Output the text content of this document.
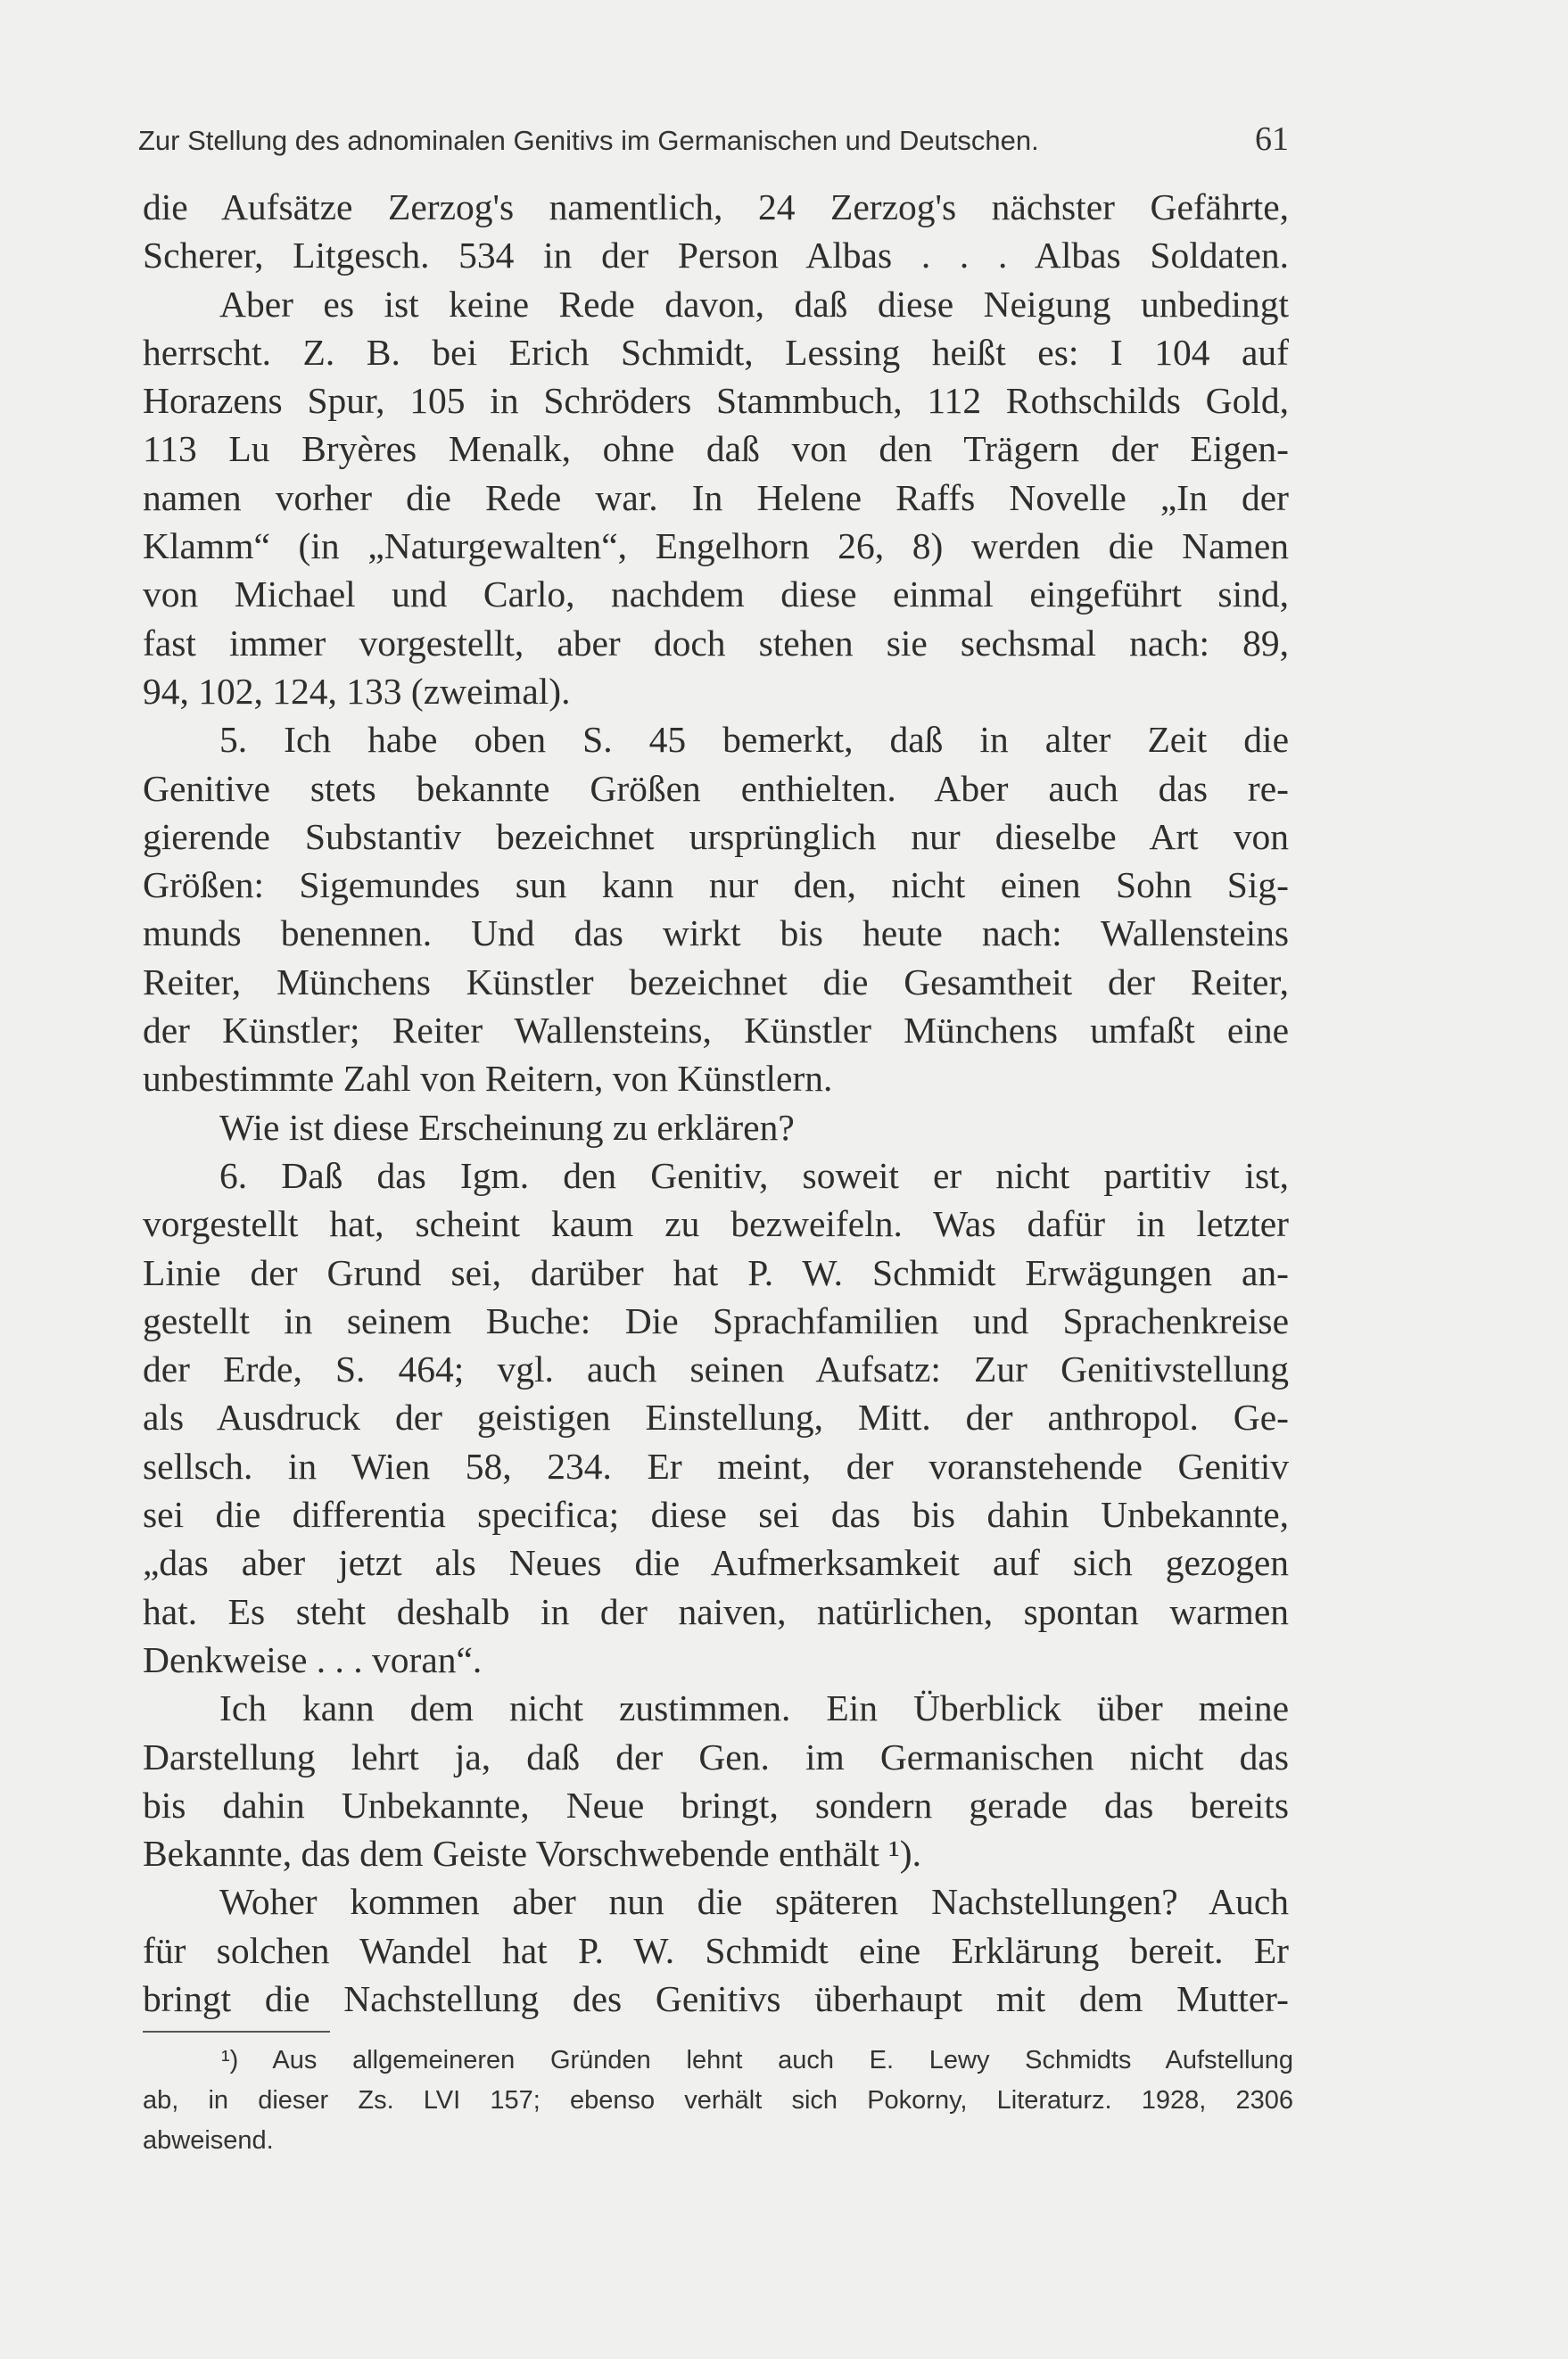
Zur Stellung des adnominalen Genitivs im Germanischen und Deutschen.	61
die Aufsätze Zerzog's namentlich, 24 Zerzog's nächster Gefährte,
Scherer, Litgesch. 534 in der Person Albas . . . Albas Soldaten.
Aber es ist keine Rede davon, daß diese Neigung unbedingt
herrscht. Z. B. bei Erich Schmidt, Lessing heißt es: I 104 auf
Horazens Spur, 105 in Schröders Stammbuch, 112 Rothschilds Gold,
113 Lu Bryères Menalk, ohne daß von den Trägern der Eigen-
namen vorher die Rede war. In Helene Raffs Novelle „In der
Klamm“ (in „Naturgewalten“, Engelhorn 26, 8) werden die Namen
von Michael und Carlo, nachdem diese einmal eingeführt sind,
fast immer vorgestellt, aber doch stehen sie sechsmal nach: 89,
94, 102, 124, 133 (zweimal).
5. Ich habe oben S. 45 bemerkt, daß in alter Zeit die
Genitive stets bekannte Größen enthielten. Aber auch das re-
gierende Substantiv bezeichnet ursprünglich nur dieselbe Art von
Größen: Sigemundes sun kann nur den, nicht einen Sohn Sig-
munds benennen. Und das wirkt bis heute nach: Wallensteins
Reiter, Münchens Künstler bezeichnet die Gesamtheit der Reiter,
der Künstler; Reiter Wallensteins, Künstler Münchens umfaßt eine
unbestimmte Zahl von Reitern, von Künstlern.
Wie ist diese Erscheinung zu erklären?
6. Daß das Igm. den Genitiv, soweit er nicht partitiv ist,
vorgestellt hat, scheint kaum zu bezweifeln. Was dafür in letzter
Linie der Grund sei, darüber hat P. W. Schmidt Erwägungen an-
gestellt in seinem Buche: Die Sprachfamilien und Sprachenkreise
der Erde, S. 464; vgl. auch seinen Aufsatz: Zur Genitivstellung
als Ausdruck der geistigen Einstellung, Mitt. der anthropol. Ge-
sellsch. in Wien 58, 234. Er meint, der voranstehende Genitiv
sei die differentia specifica; diese sei das bis dahin Unbekannte,
„das aber jetzt als Neues die Aufmerksamkeit auf sich gezogen
hat. Es steht deshalb in der naiven, natürlichen, spontan warmen
Denkweise . . . voran“.
Ich kann dem nicht zustimmen. Ein Überblick über meine
Darstellung lehrt ja, daß der Gen. im Germanischen nicht das
bis dahin Unbekannte, Neue bringt, sondern gerade das bereits
Bekannte, das dem Geiste Vorschwebende enthält ¹).
Woher kommen aber nun die späteren Nachstellungen? Auch
für solchen Wandel hat P. W. Schmidt eine Erklärung bereit. Er
bringt die Nachstellung des Genitivs überhaupt mit dem Mutter-
¹) Aus allgemeineren Gründen lehnt auch E. Lewy Schmidts Aufstellung
ab, in dieser Zs. LVI 157; ebenso verhält sich Pokorny, Literaturz. 1928, 2306
abweisend.
